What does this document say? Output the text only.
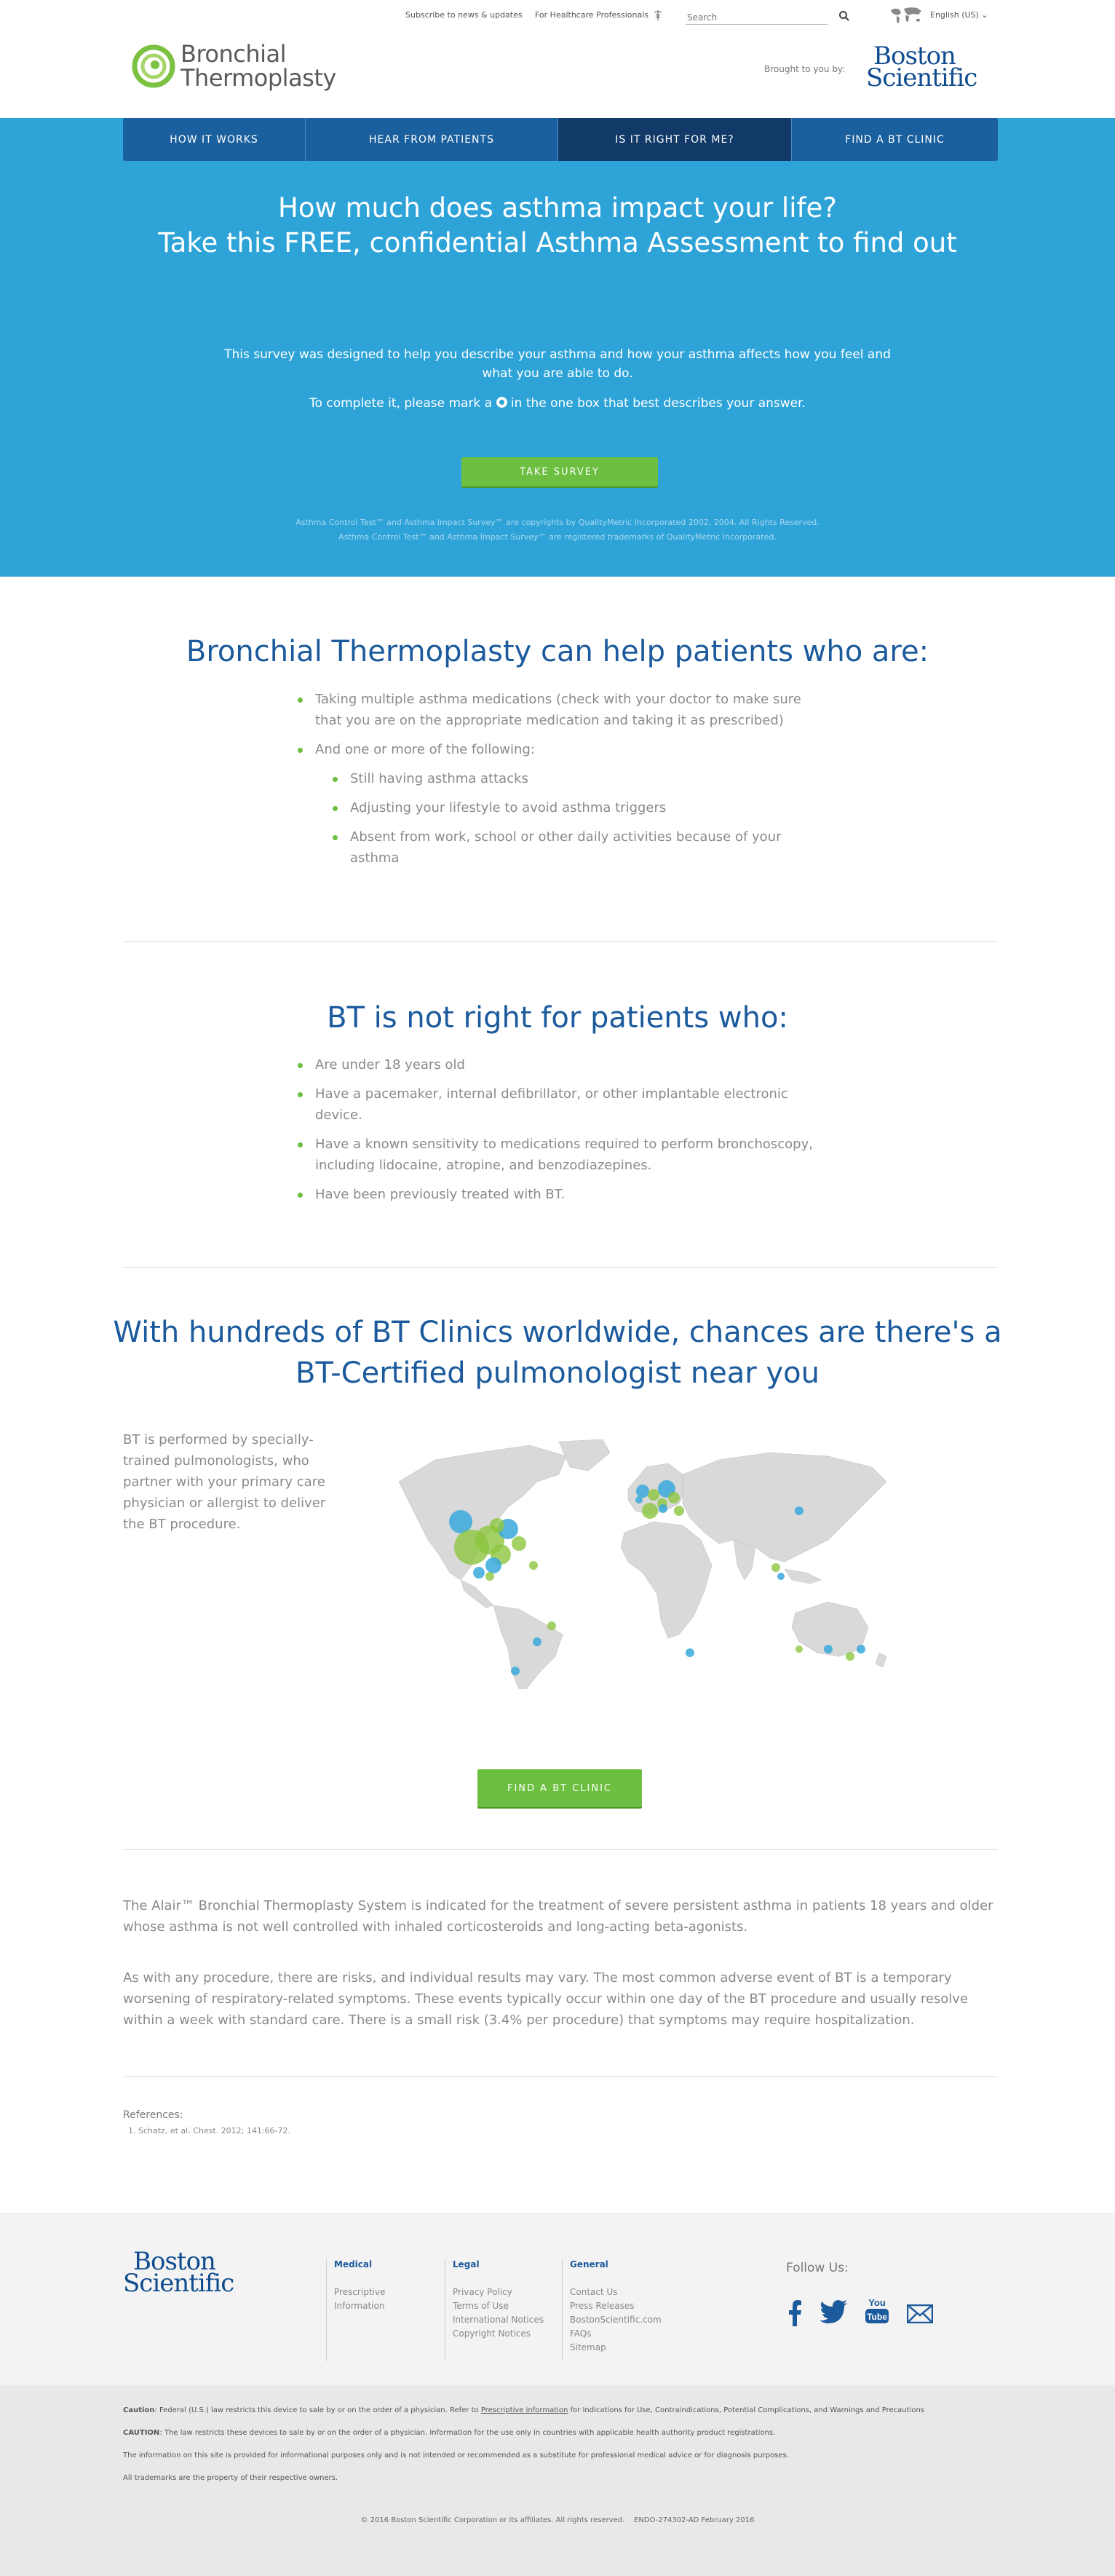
Subscribe to news & updates For Healthcare Professionals
Search	English (US) ⌄
Bronchial
Thermoplasty	Brought to you by: Boston
Scientific
HOW IT WORKS	HEAR FROM PATIENTS	IS IT RIGHT FOR ME?	FIND A BT CLINIC
How much does asthma impact your life?
Take this FREE, confidential Asthma Assessment to find out

This survey was designed to help you describe your asthma and how your asthma affects how you feel and what you are able to do.

To complete it, please mark a in the one box that best describes your answer.

TAKE SURVEY
Asthma Control Test™ and Asthma Impact Survey™ are copyrights by QualityMetric Incorporated 2002, 2004. All Rights Reserved.
Asthma Control Test™ and Asthma Impact Survey™ are registered trademarks of QualityMetric Incorporated.
Bronchial Thermoplasty can help patients who are:
Taking multiple asthma medications (check with your doctor to make sure that you are on the appropriate medication and taking it as prescribed)
And one or more of the following:
Still having asthma attacks
Adjusting your lifestyle to avoid asthma triggers
Absent from work, school or other daily activities because of your asthma
BT is not right for patients who:
Are under 18 years old
Have a pacemaker, internal defibrillator, or other implantable electronic device.
Have a known sensitivity to medications required to perform bronchoscopy, including lidocaine, atropine, and benzodiazepines.
Have been previously treated with BT.
With hundreds of BT Clinics worldwide, chances are there's a
BT-Certified pulmonologist near you

BT is performed by specially-trained pulmonologists, who partner with your primary care physician or allergist to deliver the BT procedure.

FIND A BT CLINIC

The Alair™ Bronchial Thermoplasty System is indicated for the treatment of severe persistent asthma in patients 18 years and older whose asthma is not well controlled with inhaled corticosteroids and long-acting beta-agonists.

As with any procedure, there are risks, and individual results may vary. The most common adverse event of BT is a temporary worsening of respiratory-related symptoms. These events typically occur within one day of the BT procedure and usually resolve within a week with standard care. There is a small risk (3.4% per procedure) that symptoms may require hospitalization.

References:
1. Schatz, et al. Chest. 2012; 141:66-72.
Boston
Scientific
Medical
Prescriptive
Information
Legal
Privacy Policy
Terms of Use
International Notices
Copyright Notices
General
Contact Us
Press Releases
BostonScientific.com
FAQs
Sitemap
Follow Us:
You
Tube

Caution: Federal (U.S.) law restricts this device to sale by or on the order of a physician. Refer to Prescriptive information for Indications for Use, Contraindications, Potential Complications, and Warnings and Precautions

CAUTION: The law restricts these devices to sale by or on the order of a physician. Information for the use only in countries with applicable health authority product registrations.

The information on this site is provided for informational purposes only and is not intended or recommended as a substitute for professional medical advice or for diagnosis purposes.

All trademarks are the property of their respective owners.

© 2016 Boston Scientific Corporation or its affiliates. All rights reserved. ENDO-274302-AD February 2016
